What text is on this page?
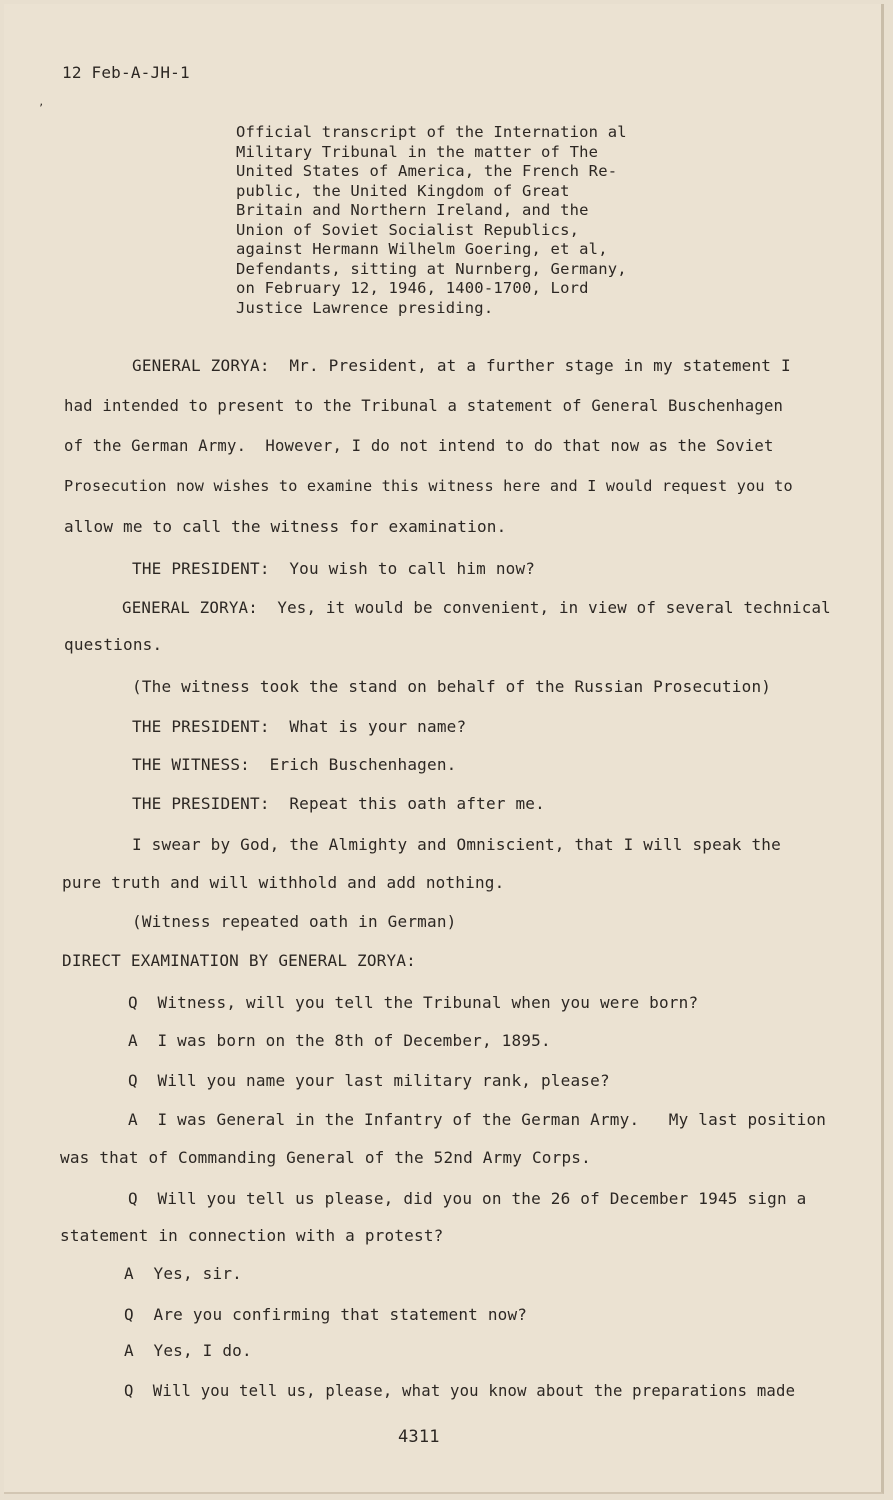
12 Feb-A-JH-1
ʼ
Official transcript of the Internation al
Military Tribunal in the matter of The
United States of America, the French Re-
public, the United Kingdom of Great
Britain and Northern Ireland, and the
Union of Soviet Socialist Republics,
against Hermann Wilhelm Goering, et al,
Defendants, sitting at Nurnberg, Germany,
on February 12, 1946, 1400-1700, Lord
Justice Lawrence presiding.
GENERAL ZORYA:  Mr. President, at a further stage in my statement I
had intended to present to the Tribunal a statement of General Buschenhagen
of the German Army.  However, I do not intend to do that now as the Soviet
Prosecution now wishes to examine this witness here and I would request you to
allow me to call the witness for examination.
THE PRESIDENT:  You wish to call him now?
GENERAL ZORYA:  Yes, it would be convenient, in view of several technical
questions.
(The witness took the stand on behalf of the Russian Prosecution)
THE PRESIDENT:  What is your name?
THE WITNESS:  Erich Buschenhagen.
THE PRESIDENT:  Repeat this oath after me.
I swear by God, the Almighty and Omniscient, that I will speak the
pure truth and will withhold and add nothing.
(Witness repeated oath in German)
DIRECT EXAMINATION BY GENERAL ZORYA:
Q  Witness, will you tell the Tribunal when you were born?
A  I was born on the 8th of December, 1895.
Q  Will you name your last military rank, please?
A  I was General in the Infantry of the German Army.   My last position
was that of Commanding General of the 52nd Army Corps.
Q  Will you tell us please, did you on the 26 of December 1945 sign a
statement in connection with a protest?
A  Yes, sir.
Q  Are you confirming that statement now?
A  Yes, I do.
Q  Will you tell us, please, what you know about the preparations made
4311
